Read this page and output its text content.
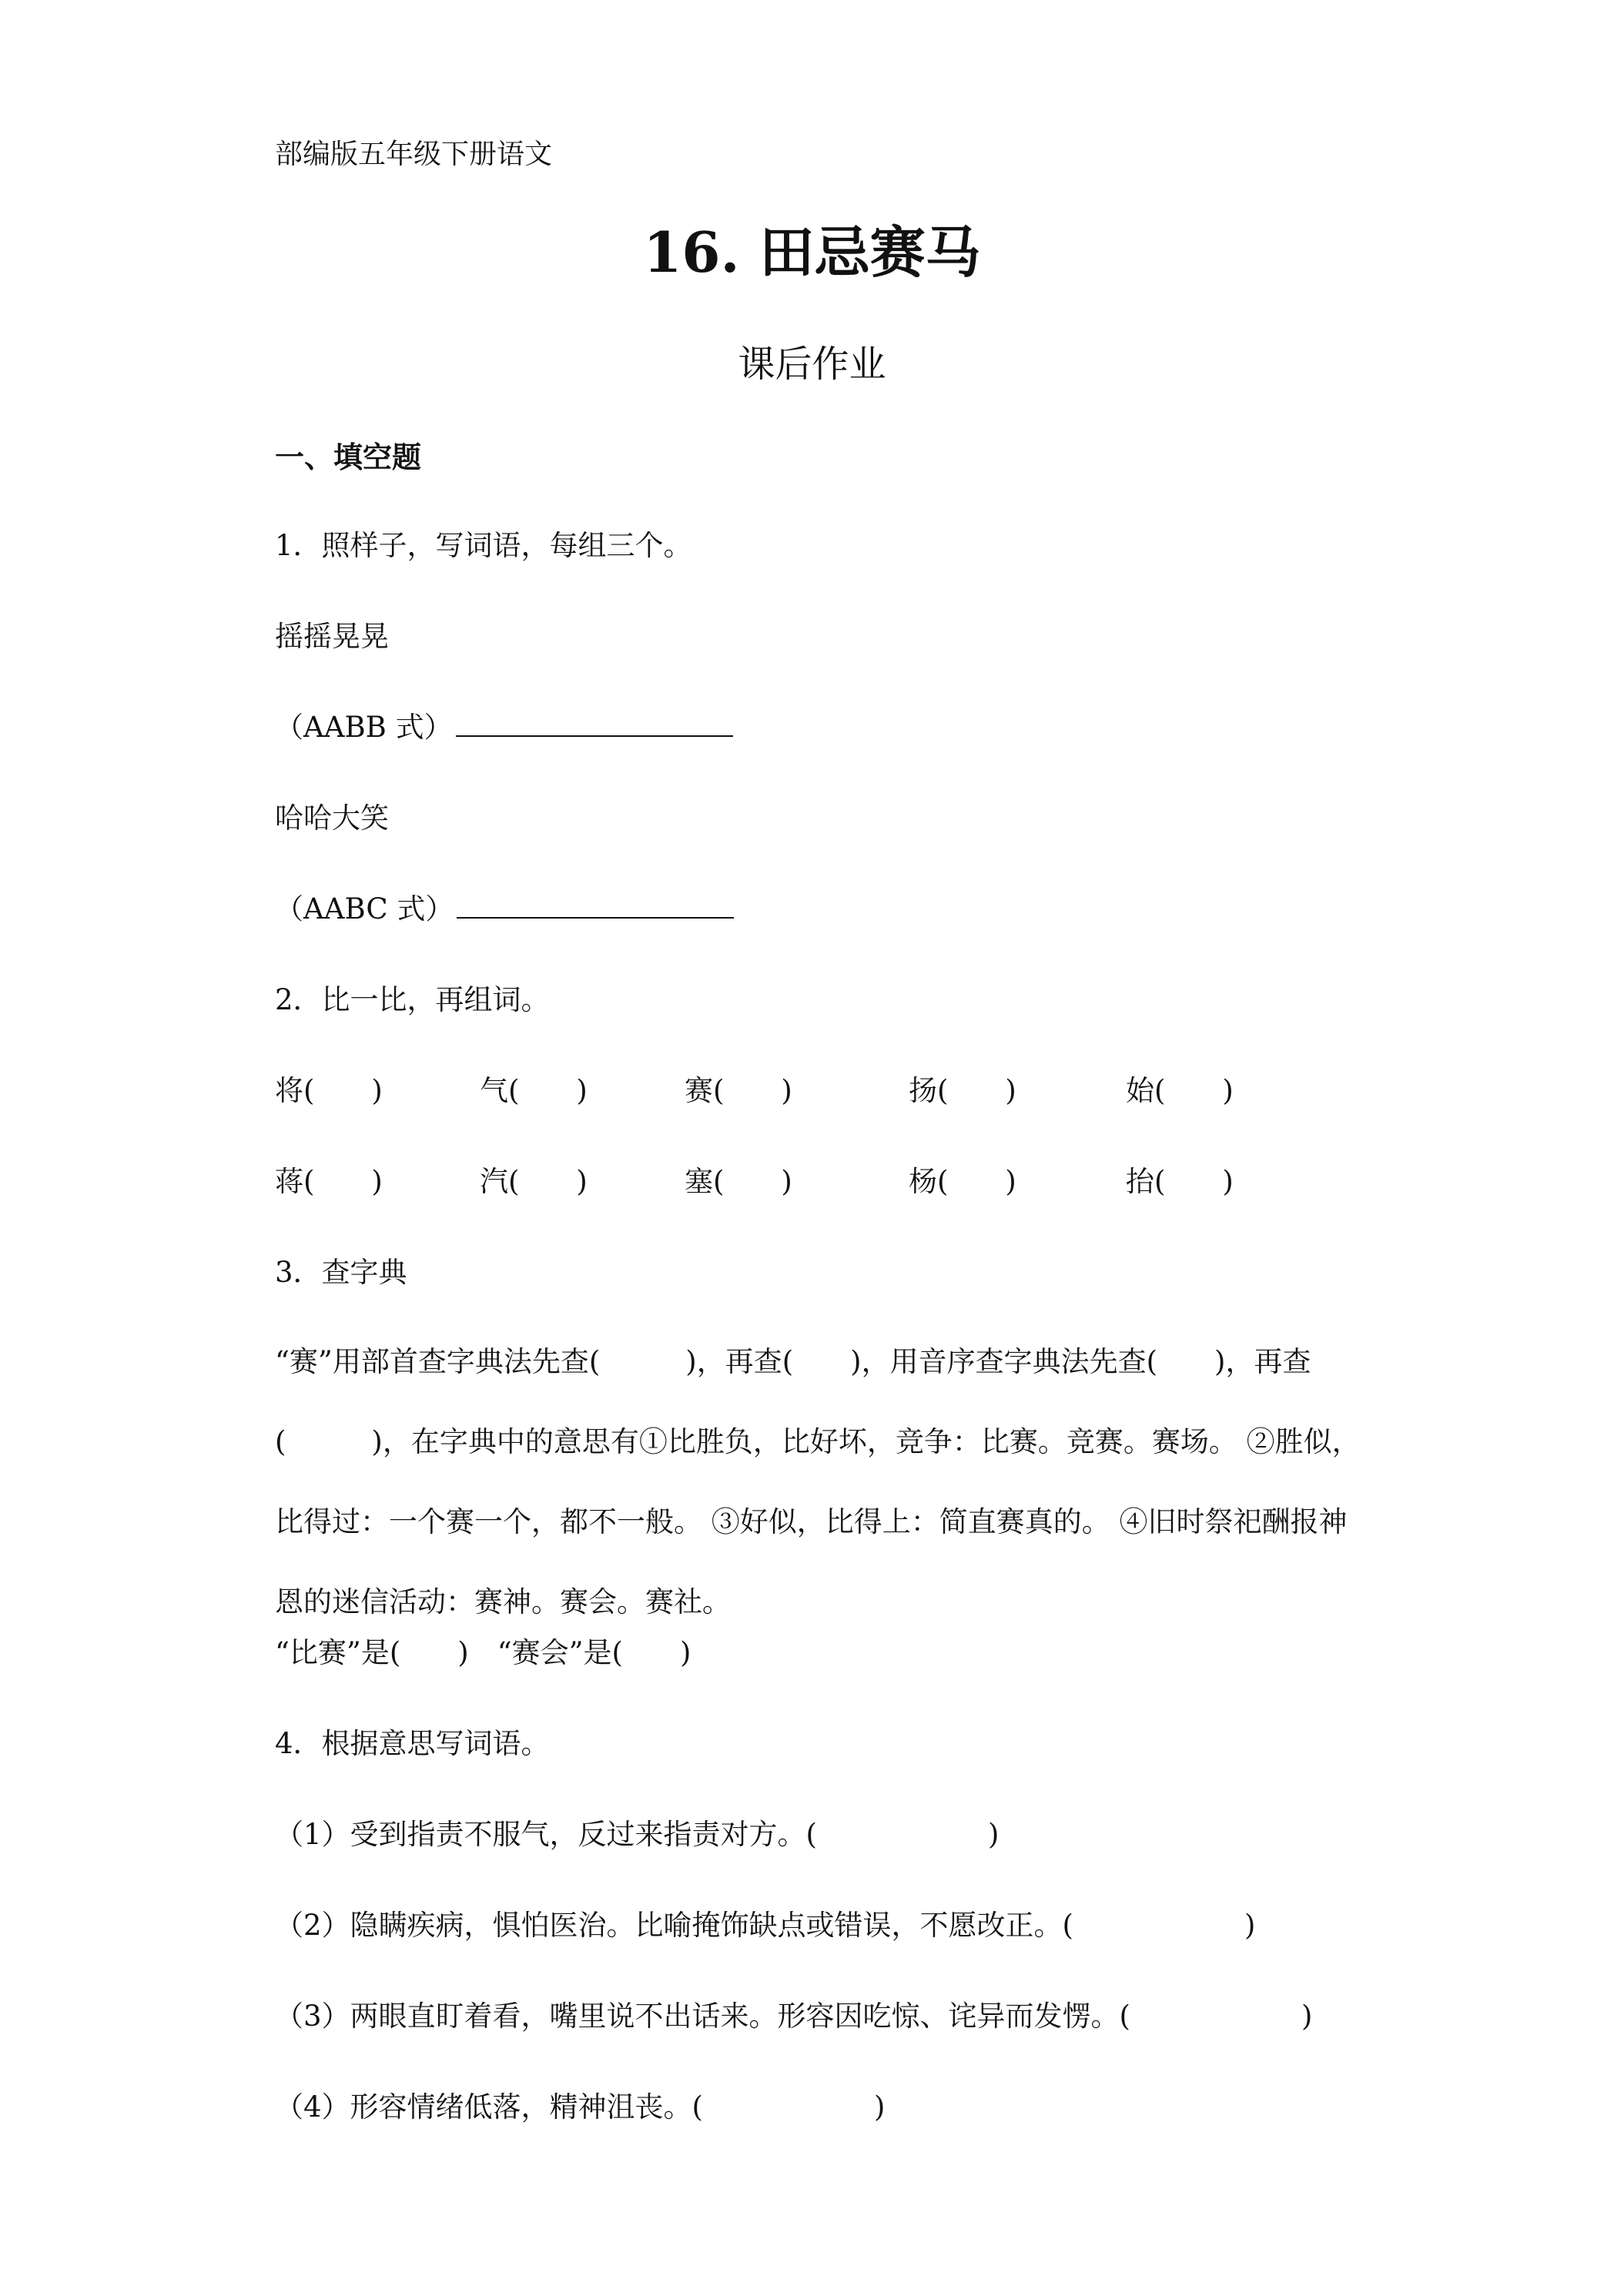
部编版五年级下册语文
16. 田忌赛马
课后作业
一、填空题
1．照样子，写词语，每组三个。
摇摇晃晃
（AABB 式）
哈哈大笑
（AABC 式）
2．比一比，再组词。
将(　　)	气(　　)	赛(　　)	扬(　　)	始(　　)
蒋(　　)	汽(　　)	塞(　　)	杨(　　)	抬(　　)
3．查字典
“赛”用部首查字典法先查(　　　)，再查(　　)，用音序查字典法先查(　　)，再查(　　　)，在字典中的意思有①比胜负，比好坏，竞争：比赛。竞赛。赛场。 ②胜似，比得过：一个赛一个，都不一般。 ③好似，比得上：简直赛真的。 ④旧时祭祀酬报神恩的迷信活动：赛神。赛会。赛社。
“比赛”是(　　)　“赛会”是(　　)
4．根据意思写词语。
（1）受到指责不服气，反过来指责对方。(　　　　　　)
（2）隐瞒疾病，惧怕医治。比喻掩饰缺点或错误，不愿改正。(　　　　　　)
（3）两眼直盯着看，嘴里说不出话来。形容因吃惊、诧异而发愣。(　　　　　　)
（4）形容情绪低落，精神沮丧。(　　　　　　)
